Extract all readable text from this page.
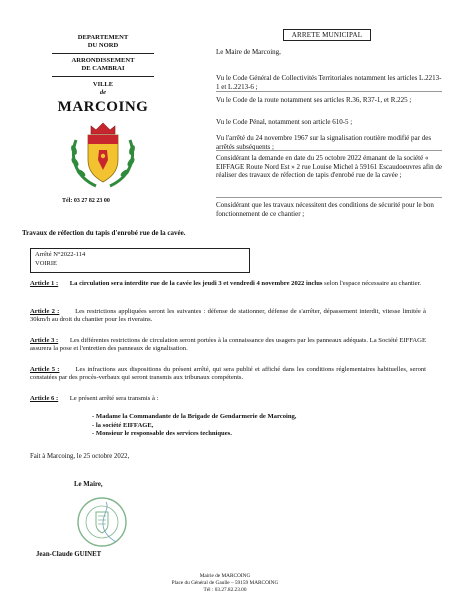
DEPARTEMENT
DU NORD
ARRONDISSEMENT
DE CAMBRAI
VILLE
de
MARCOING
Tél: 03 27 82 23 00
ARRETE MUNICIPAL

Le Maire de Marcoing,

Vu le Code Général de Collectivités Territoriales notamment les articles L.2213-1 et L.2213-6 ;

Vu le Code de la route notamment ses articles R.36, R37-1, et R.225 ;

Vu le Code Pénal, notamment son article 610-5 ;

Vu l'arrêté du 24 novembre 1967 sur la signalisation routière modifié par des arrêtés subséquents ;

Considérant la demande en date du 25 octobre 2022 émanant de la société « EIFFAGE Route Nord Est » 2 rue Louise Michel à 59161 Escaudoeuvres afin de réaliser des travaux de réfection de tapis d'enrobé rue de la cavée ;

Considérant que les travaux nécessitent des conditions de sécurité pour le bon fonctionnement de ce chantier ;

Travaux de réfection du tapis d'enrobé rue de la cavée.
Arrêté N°2022-114
VOIRIE
Article 1 : La circulation sera interdite rue de la cavée les jeudi 3 et vendredi 4 novembre 2022 inclus selon l'espace nécessaire au chantier.
Article 2 : Les restrictions appliquées seront les suivantes : défense de stationner, défense de s'arrêter, dépassement interdit, vitesse limitée à 30km/h au droit du chantier pour les riverains.
Article 3 : Les différentes restrictions de circulation seront portées à la connaissance des usagers par les panneaux adéquats. La Société EIFFAGE assurera la pose et l'entretien des panneaux de signalisation.
Article 5 : Les infractions aux dispositions du présent arrêté, qui sera publié et affiché dans les conditions réglementaires habituelles, seront constatées par des procès-verbaux qui seront transmis aux tribunaux compétents.
Article 6 : Le présent arrêté sera transmis à :
- Madame la Commandante de la Brigade de Gendarmerie de Marcoing,
- la société EIFFAGE,
- Monsieur le responsable des services techniques.
Fait à Marcoing, le 25 octobre 2022,
Le Maire,
Jean-Claude GUINET
Mairie de MARCOING
Place du Général de Gaulle – 59159 MARCOING
Tél : 03.27.82.23.00
